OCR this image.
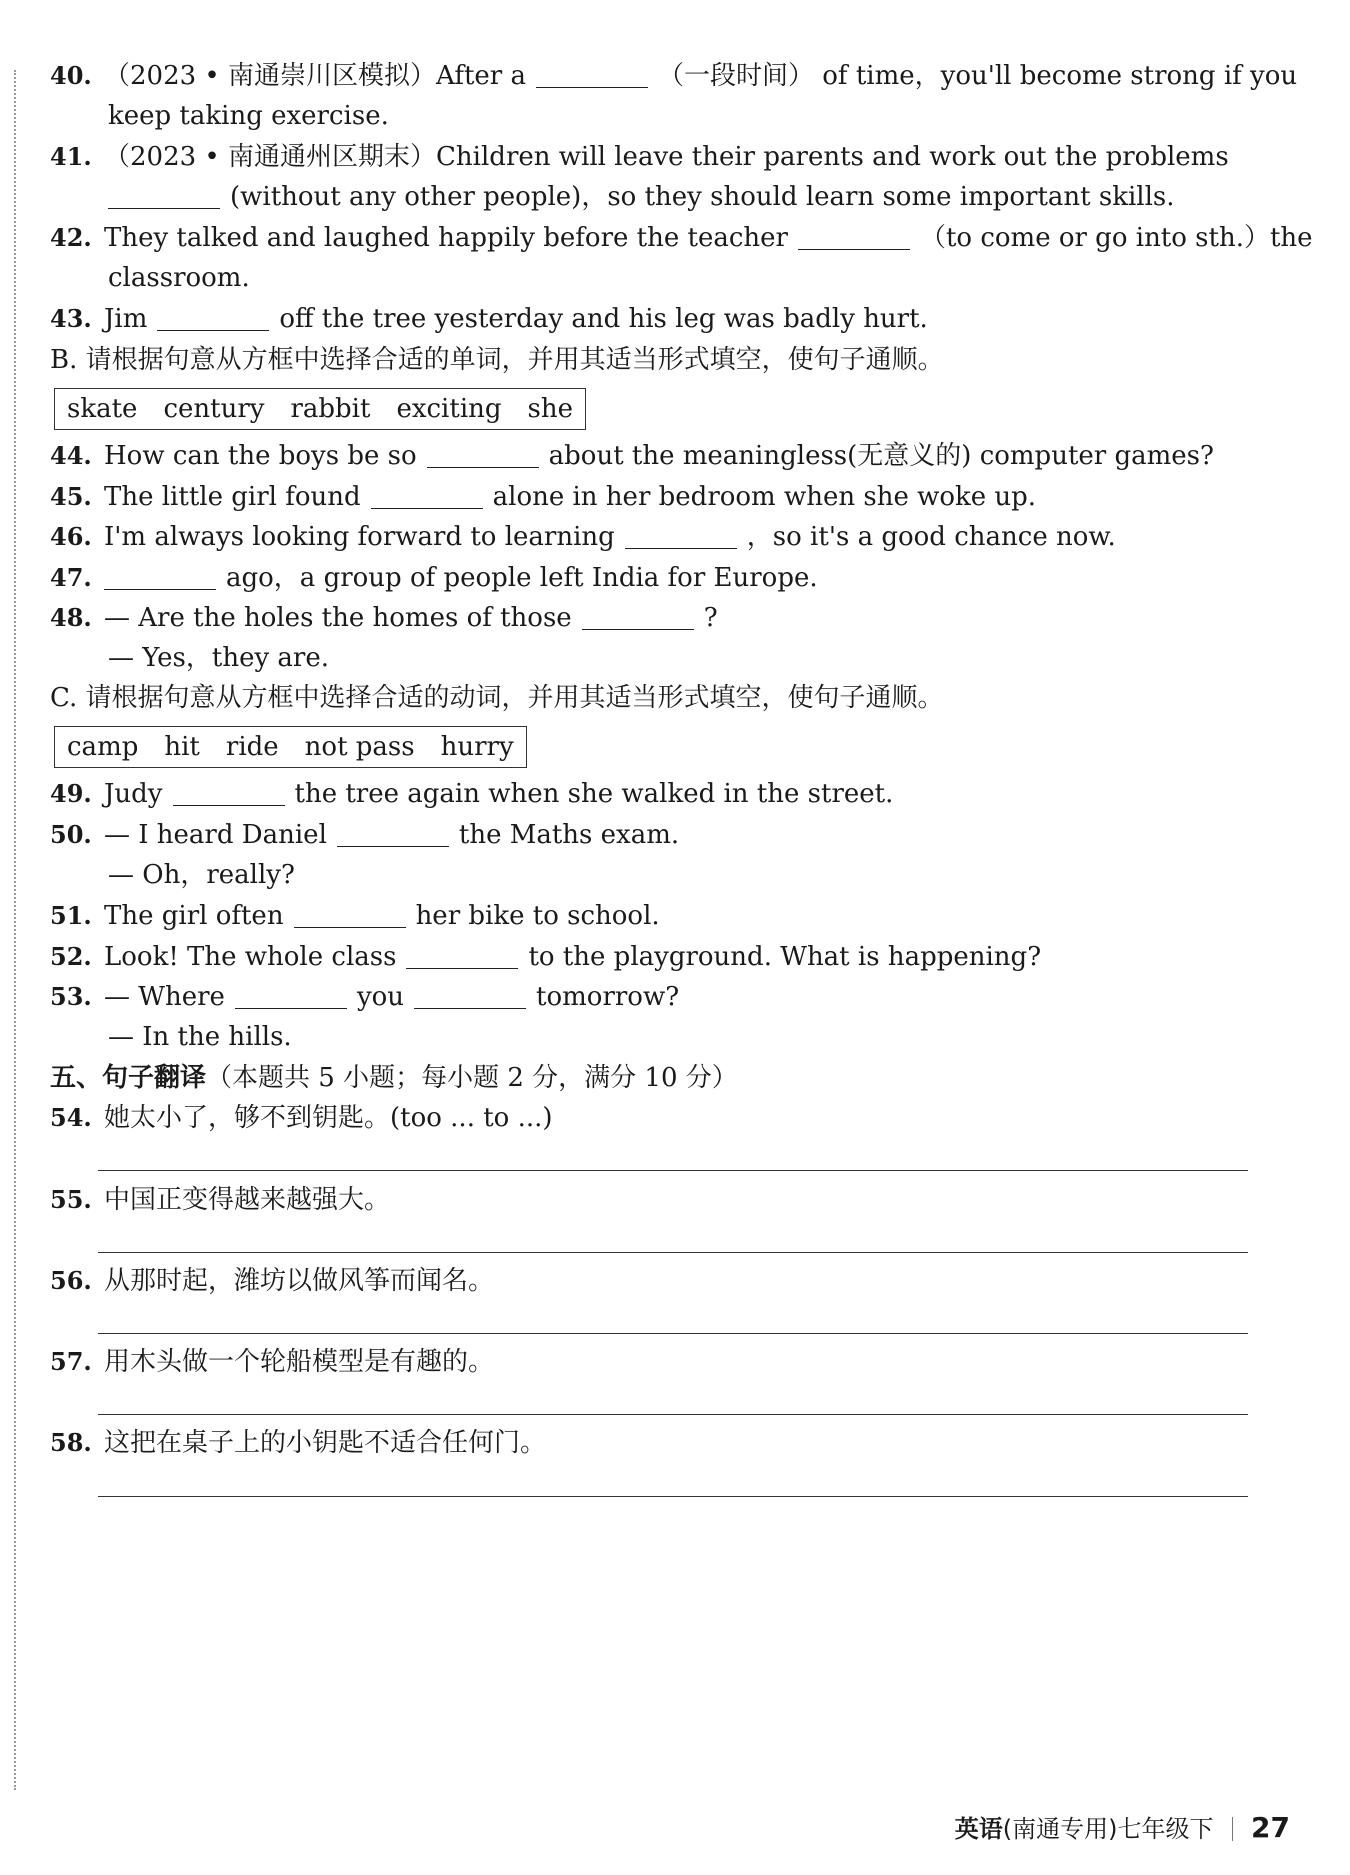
40. （2023 • 南通崇川区模拟）After a	（一段时间） of time，you'll become strong if you
keep taking exercise.
41. （2023 • 南通通州区期末）Children will leave their parents and work out the problems
(without any other people)，so they should learn some important skills.
42. They talked and laughed happily before the teacher	（to come or go into sth.）the
classroom.
43. Jim	off the tree yesterday and his leg was badly hurt.
B. 请根据句意从方框中选择合适的单词，并用其适当形式填空，使句子通顺。
skate century rabbit exciting she
44. How can the boys be so	about the meaningless(无意义的) computer games?
45. The little girl found	alone in her bedroom when she woke up.
46. I'm always looking forward to learning	，so it's a good chance now.
47.	ago，a group of people left India for Europe.
48. — Are the holes the homes of those	?
— Yes，they are.
C. 请根据句意从方框中选择合适的动词，并用其适当形式填空，使句子通顺。
camp hit ride not pass hurry
49. Judy	the tree again when she walked in the street.
50. — I heard Daniel	the Maths exam.
— Oh，really?
51. The girl often	her bike to school.
52. Look! The whole class	to the playground. What is happening?
53. — Where	you	tomorrow?
— In the hills.
五、句子翻译（本题共 5 小题；每小题 2 分，满分 10 分）
54. 她太小了，够不到钥匙。(too ... to ...)
55. 中国正变得越来越强大。
56. 从那时起，潍坊以做风筝而闻名。
57. 用木头做一个轮船模型是有趣的。
58. 这把在桌子上的小钥匙不适合任何门。
英语(南通专用)七年级下 27
